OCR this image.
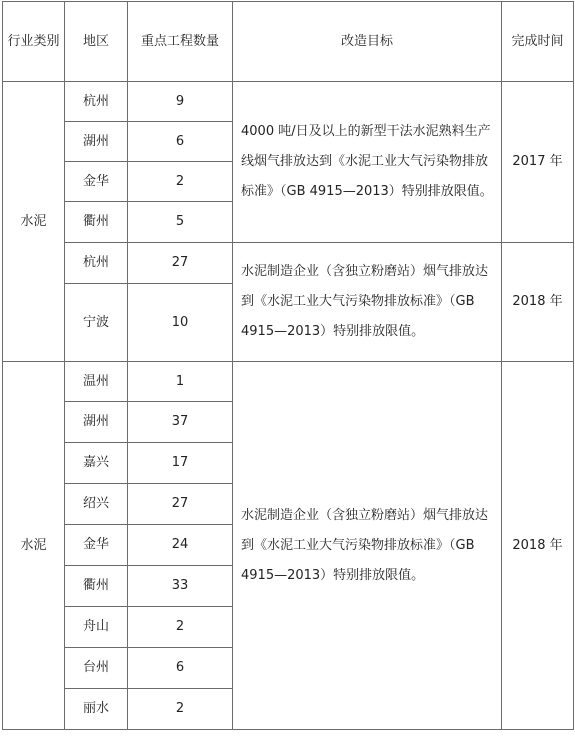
行业类别	地区	重点工程数量	改造目标	完成时间
水泥	杭州	9	4000 吨/日及以上的新型干法水泥熟料生产线烟气排放达到《水泥工业大气污染物排放标准》（GB 4915—2013）特别排放限值。	2017 年
	湖州	6		
	金华	2		
	衢州	5		
	杭州	27	水泥制造企业（含独立粉磨站）烟气排放达到《水泥工业大气污染物排放标准》（GB 4915—2013）特别排放限值。	2018 年
	宁波	10		
水泥	温州	1	水泥制造企业（含独立粉磨站）烟气排放达到《水泥工业大气污染物排放标准》（GB 4915—2013）特别排放限值。	2018 年
	湖州	37		
	嘉兴	17		
	绍兴	27		
	金华	24		
	衢州	33		
	舟山	2		
	台州	6		
	丽水	2		
